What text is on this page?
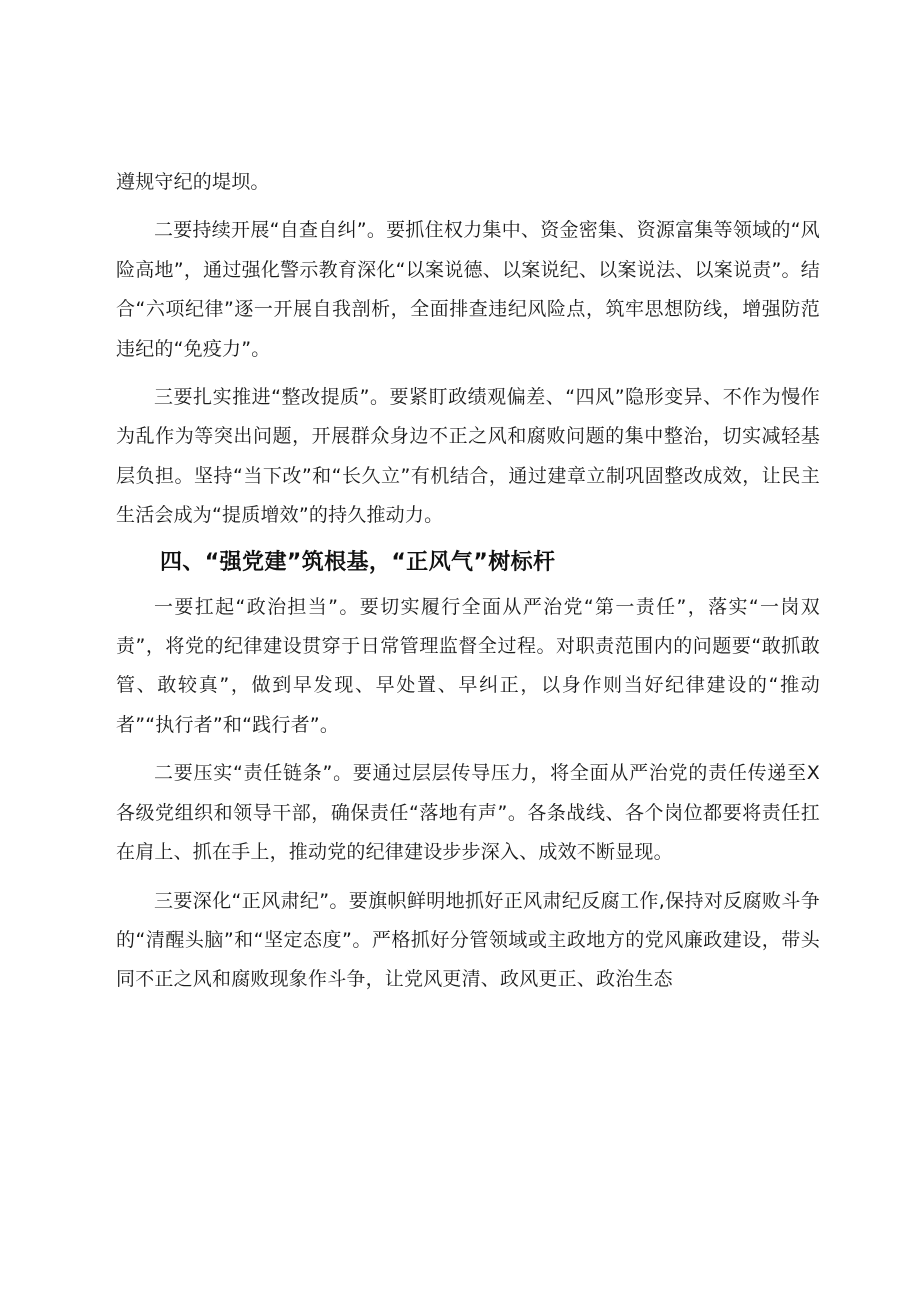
遵规守纪的堤坝。

二要持续开展“自查自纠”。要抓住权力集中、资金密集、资源富集等领域的“风险高地”，通过强化警示教育深化“以案说德、以案说纪、以案说法、以案说责”。结合“六项纪律”逐一开展自我剖析，全面排查违纪风险点，筑牢思想防线，增强防范违纪的“免疫力”。

三要扎实推进“整改提质”。要紧盯政绩观偏差、“四风”隐形变异、不作为慢作为乱作为等突出问题，开展群众身边不正之风和腐败问题的集中整治，切实减轻基层负担。坚持“当下改”和“长久立”有机结合，通过建章立制巩固整改成效，让民主生活会成为“提质增效”的持久推动力。

四、“强党建”筑根基，“正风气”树标杆

一要扛起“政治担当”。要切实履行全面从严治党“第一责任”，落实“一岗双责”，将党的纪律建设贯穿于日常管理监督全过程。对职责范围内的问题要“敢抓敢管、敢较真”，做到早发现、早处置、早纠正，以身作则当好纪律建设的“推动者”“执行者”和“践行者”。

二要压实“责任链条”。要通过层层传导压力，将全面从严治党的责任传递至X各级党组织和领导干部，确保责任“落地有声”。各条战线、各个岗位都要将责任扛在肩上、抓在手上，推动党的纪律建设步步深入、成效不断显现。

三要深化“正风肃纪”。要旗帜鲜明地抓好正风肃纪反腐工作,保持对反腐败斗争的“清醒头脑”和“坚定态度”。严格抓好分管领域或主政地方的党风廉政建设，带头同不正之风和腐败现象作斗争，让党风更清、政风更正、政治生态
